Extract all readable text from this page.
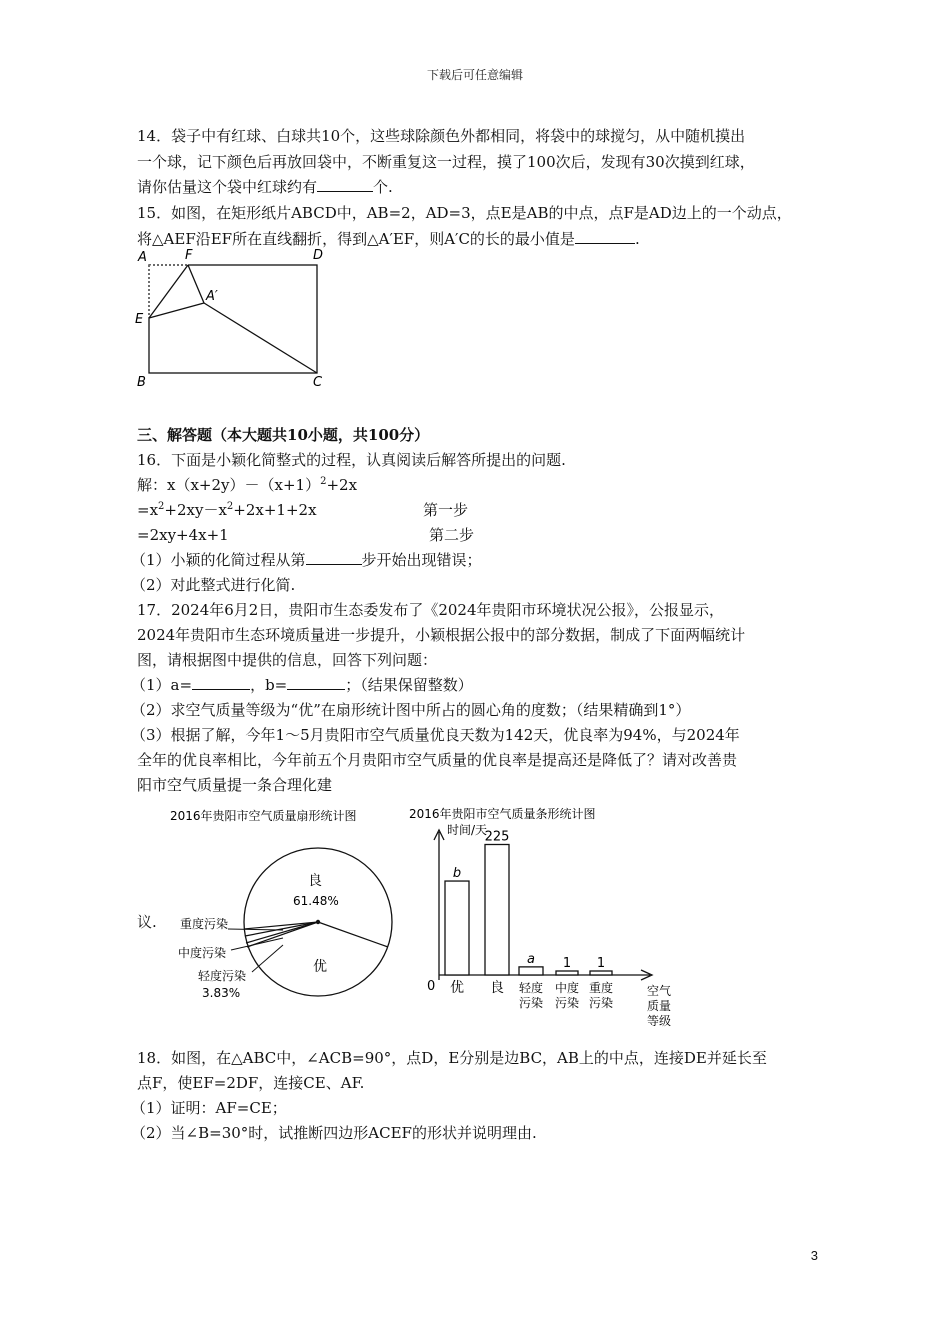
下载后可任意编辑
14．袋子中有红球、白球共10个，这些球除颜色外都相同，将袋中的球搅匀，从中随机摸出
一个球，记下颜色后再放回袋中，不断重复这一过程，摸了100次后，发现有30次摸到红球，
请你估量这个袋中红球约有	个.
15．如图，在矩形纸片ABCD中，AB=2，AD=3，点E是AB的中点，点F是AD边上的一个动点，
将△AEF沿EF所在直线翻折，得到△A′EF，则A′C的长的最小值是	.
A	F	D
A′
E
B	C
三、解答题（本大题共10小题，共100分）
16．下面是小颖化简整式的过程，认真阅读后解答所提出的问题.
解：$x(x+2y)-(x+1)^2+2x$
$=x^2+2xy-x^2+2x+1+2x$	第一步
=2xy+4x+1	第二步
（1）小颖的化简过程从第	步开始出现错误；
（2）对此整式进行化简.
17．2024年6月2日，贵阳市生态委发布了《2024年贵阳市环境状况公报》，公报显示，
2024年贵阳市生态环境质量进一步提升，小颖根据公报中的部分数据，制成了下面两幅统计
图，请根据图中提供的信息，回答下列问题：
（1）a=	，b=	；（结果保留整数）
（2）求空气质量等级为“优”在扇形统计图中所占的圆心角的度数；（结果精确到1°）
（3）根据了解，今年1～5月贵阳市空气质量优良天数为142天，优良率为94%，与2024年
全年的优良率相比，今年前五个月贵阳市空气质量的优良率是提高还是降低了？请对改善贵
阳市空气质量提一条合理化建
议.
2016年贵阳市空气质量扇形统计图
良
61.48%
优
重度污染
中度污染
轻度污染
3.83%
2016年贵阳市空气质量条形统计图
时间/天
0
b
优
225
良
a
轻度
污染
1
中度
污染
1
重度
污染
空气
质量
等级
18．如图，在△ABC中，∠ACB=90°，点D，E分别是边BC，AB上的中点，连接DE并延长至
点F，使EF=2DF，连接CE、AF.
（1）证明：AF=CE；
（2）当∠B=30°时，试推断四边形ACEF的形状并说明理由.
3
